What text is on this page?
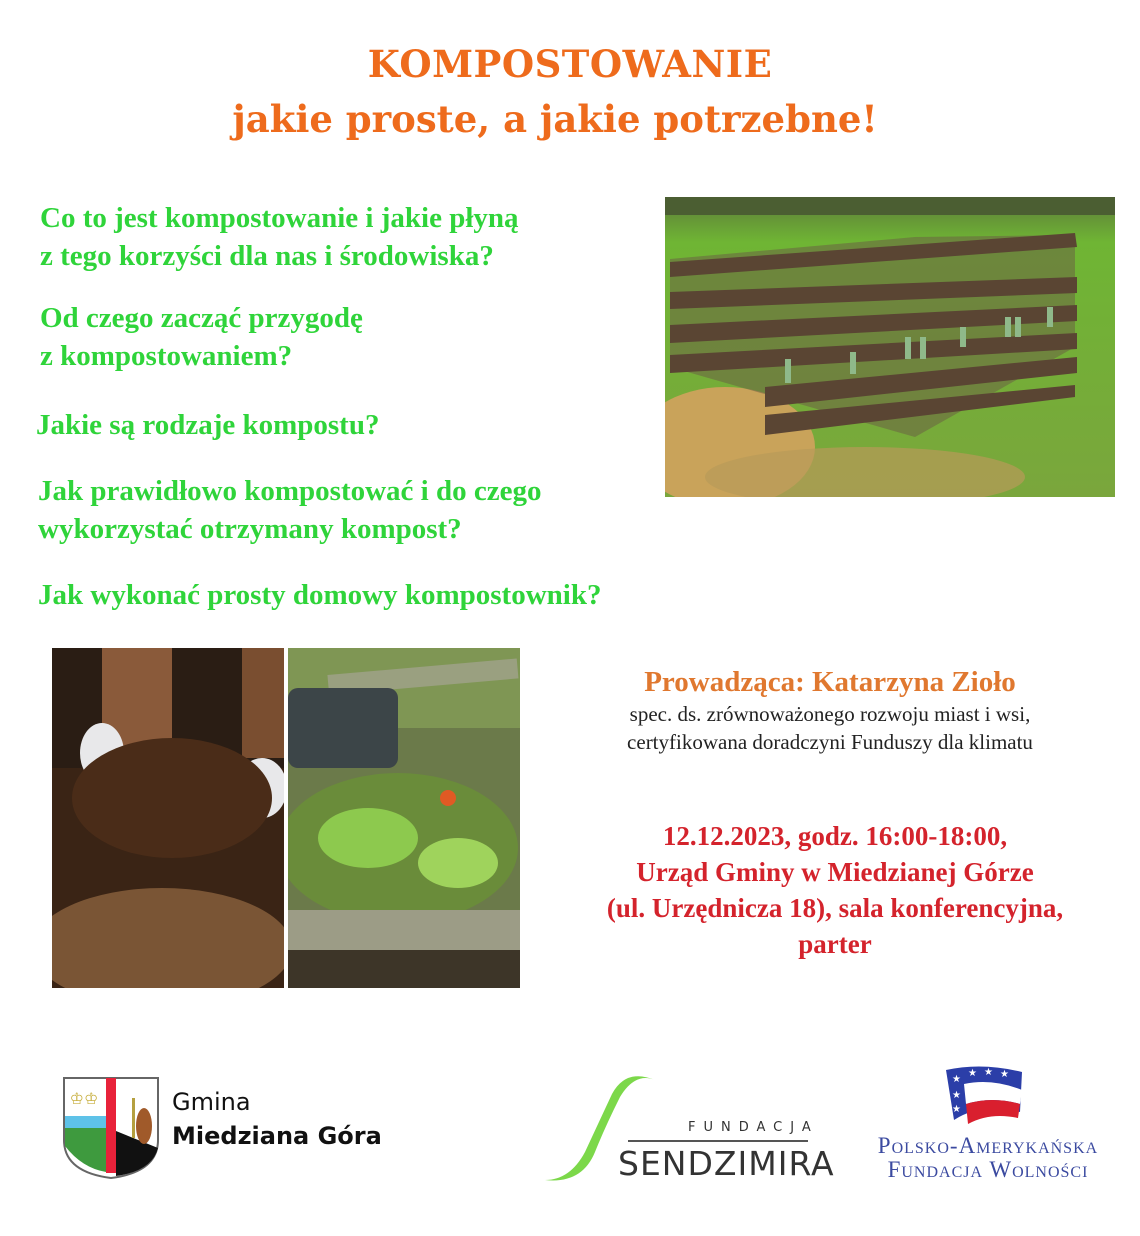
KOMPOSTOWANIE
jakie proste, a jakie potrzebne!
Co to jest kompostowanie i jakie płyną
z tego korzyści dla nas i środowiska?
Od czego zacząć przygodę
z kompostowaniem?
Jakie są rodzaje kompostu?
Jak prawidłowo kompostować i do czego
wykorzystać otrzymany kompost?
Jak wykonać prosty domowy kompostownik?
Prowadząca: Katarzyna Zioło
spec. ds. zrównoważonego rozwoju miast i wsi,
certyfikowana doradczyni Funduszy dla klimatu
12.12.2023, godz. 16:00-18:00,
Urząd Gminy w Miedzianej Górze
(ul. Urzędnicza 18), sala konferencyjna,
parter
♔♔	Gmina
Miedziana Góra	FUNDACJA
SENDZIMIRA
★
★ ★ ★
★
★
Polsko-Amerykańska
Fundacja Wolności
